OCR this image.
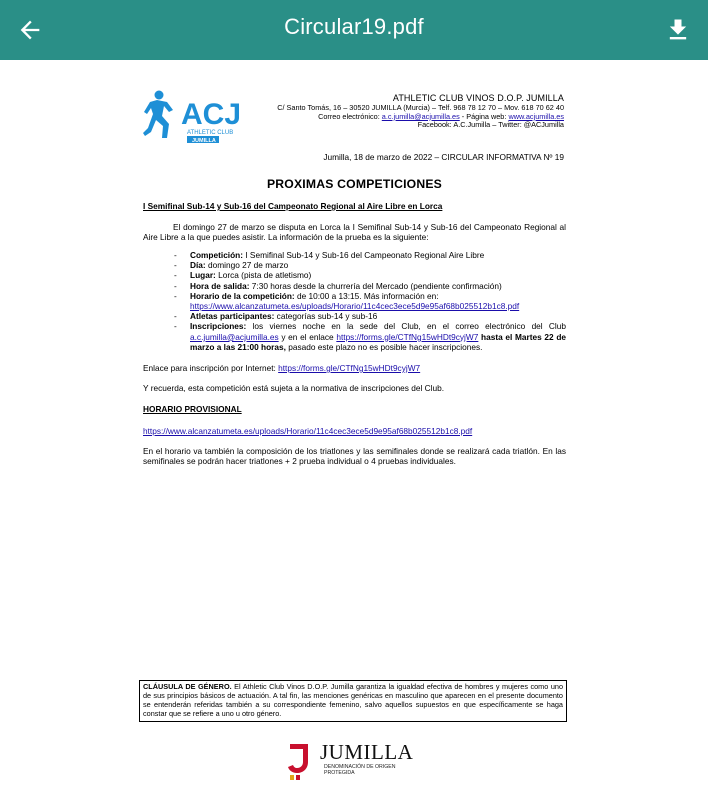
Circular19.pdf
ACJ
ATHLETIC CLUB
JUMILLA
ATHLETIC CLUB VINOS D.O.P. JUMILLA
C/ Santo Tomás, 16 – 30520 JUMILLA (Murcia) – Telf. 968 78 12 70 – Mov. 618 70 62 40
Correo electrónico: a.c.jumilla@acjumilla.es - Página web: www.acjumilla.es
Facebook: A.C.Jumilla – Twitter: @ACJumilla
Jumilla, 18 de marzo de 2022 – CIRCULAR INFORMATIVA Nº 19
PROXIMAS COMPETICIONES
I Semifinal Sub-14 y Sub-16 del Campeonato Regional al Aire Libre en Lorca
El domingo 27 de marzo se disputa en Lorca la I Semifinal Sub-14 y Sub-16 del Campeonato Regional al Aire Libre a la que puedes asistir. La información de la prueba es la siguiente:
- Competición: I Semifinal Sub-14 y Sub-16 del Campeonato Regional Aire Libre
- Día: domingo 27 de marzo
- Lugar: Lorca (pista de atletismo)
- Hora de salida: 7:30 horas desde la churrería del Mercado (pendiente confirmación)
- Horario de la competición: de 10:00 a 13:15. Más información en:
https://www.alcanzatumeta.es/uploads/Horario/11c4cec3ece5d9e95af68b025512b1c8.pdf
- Atletas participantes: categorías sub-14 y sub-16
- Inscripciones: los viernes noche en la sede del Club, en el correo electrónico del Club a.c.jumilla@acjumilla.es y en el enlace https://forms.gle/CTfNg15wHDt9cyjW7 hasta el Martes 22 de marzo a las 21:00 horas, pasado este plazo no es posible hacer inscripciones.
Enlace para inscripción por Internet: https://forms.gle/CTfNg15wHDt9cyjW7
Y recuerda, esta competición está sujeta a la normativa de inscripciones del Club.
HORARIO PROVISIONAL
https://www.alcanzatumeta.es/uploads/Horario/11c4cec3ece5d9e95af68b025512b1c8.pdf
En el horario va también la composición de los triatlones y las semifinales donde se realizará cada triatlón. En las semifinales se podrán hacer triatlones + 2 prueba individual o 4 pruebas individuales.
CLÁUSULA DE GÉNERO. El Athletic Club Vinos D.O.P. Jumilla garantiza la igualdad efectiva de hombres y mujeres como uno de sus principios básicos de actuación. A tal fin, las menciones genéricas en masculino que aparecen en el presente documento se entenderán referidas también a su correspondiente femenino, salvo aquellos supuestos en que específicamente se haga constar que se refiere a uno u otro género.
JUMILLA
DENOMINACIÓN DE ORIGEN
PROTEGIDA
